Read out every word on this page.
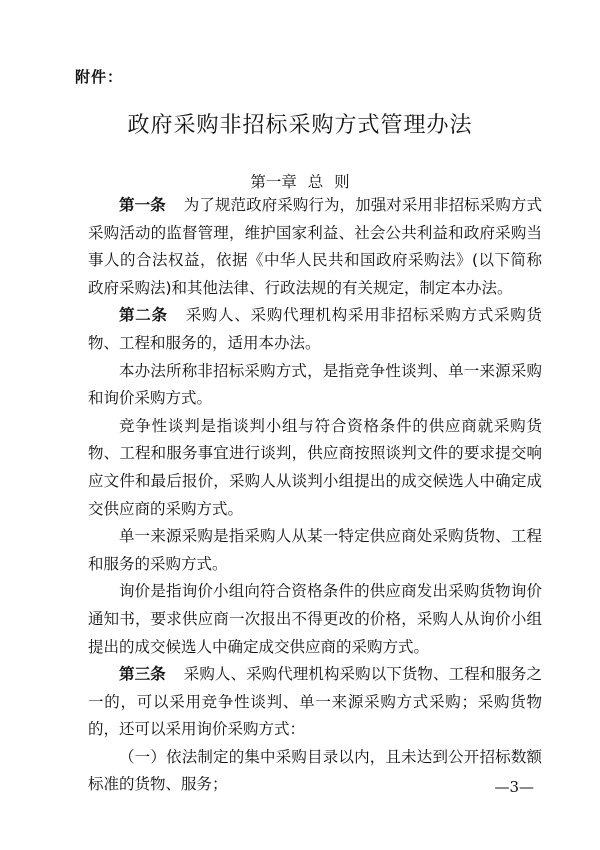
附件：
政府采购非招标采购方式管理办法
第一章 总 则

第一条 为了规范政府采购行为，加强对采用非招标采购方式采购活动的监督管理，维护国家利益、社会公共利益和政府采购当事人的合法权益，依据《中华人民共和国政府采购法》(以下简称政府采购法)和其他法律、行政法规的有关规定，制定本办法。

第二条 采购人、采购代理机构采用非招标采购方式采购货物、工程和服务的，适用本办法。

本办法所称非招标采购方式，是指竞争性谈判、单一来源采购和询价采购方式。

竞争性谈判是指谈判小组与符合资格条件的供应商就采购货物、工程和服务事宜进行谈判，供应商按照谈判文件的要求提交响应文件和最后报价，采购人从谈判小组提出的成交候选人中确定成交供应商的采购方式。

单一来源采购是指采购人从某一特定供应商处采购货物、工程和服务的采购方式。

询价是指询价小组向符合资格条件的供应商发出采购货物询价通知书，要求供应商一次报出不得更改的价格，采购人从询价小组提出的成交候选人中确定成交供应商的采购方式。

第三条 采购人、采购代理机构采购以下货物、工程和服务之一的，可以采用竞争性谈判、单一来源采购方式采购；采购货物的，还可以采用询价采购方式：

（一）依法制定的集中采购目录以内，且未达到公开招标数额标准的货物、服务；	—3—
